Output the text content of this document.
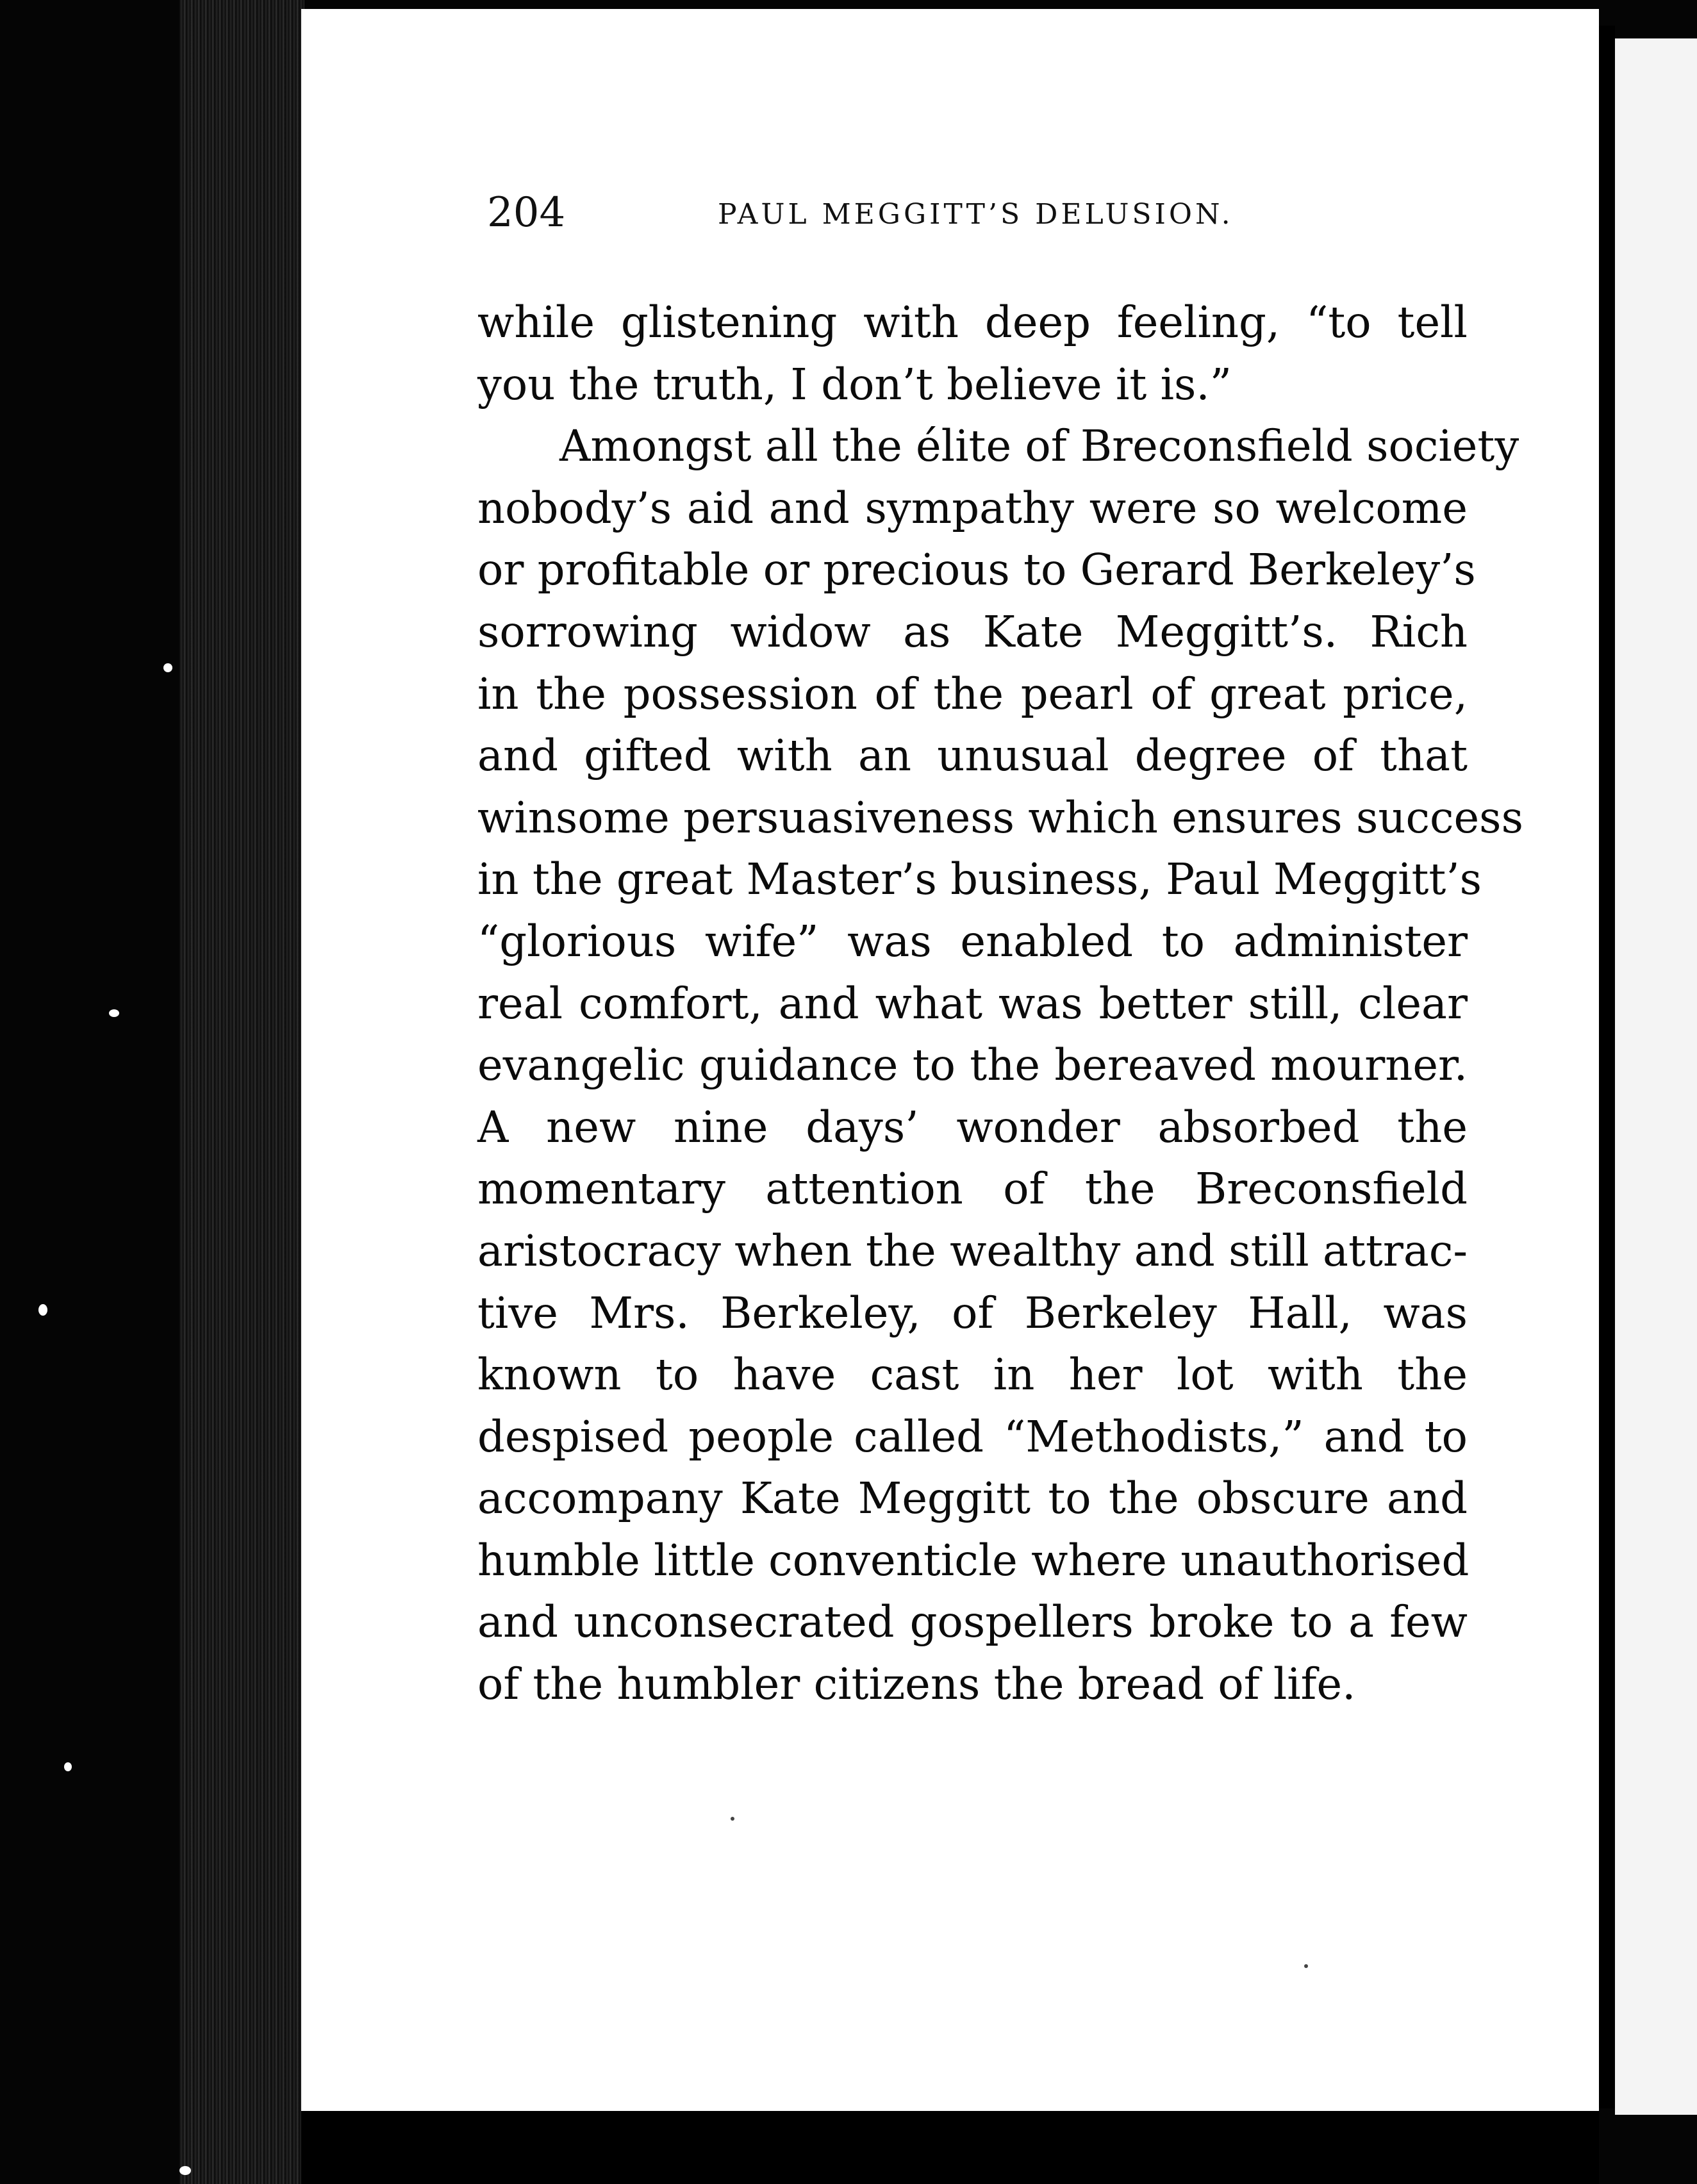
204	PAUL MEGGITT’S DELUSION.
while glistening with deep feeling, “to tell
you the truth, I don’t believe it is.”
Amongst all the élite of Breconsfield society
nobody’s aid and sympathy were so welcome
or profitable or precious to Gerard Berkeley’s
sorrowing widow as Kate Meggitt’s. Rich
in the possession of the pearl of great price,
and gifted with an unusual degree of that
winsome persuasiveness which ensures success
in the great Master’s business, Paul Meggitt’s
“glorious wife” was enabled to administer
real comfort, and what was better still, clear
evangelic guidance to the bereaved mourner.
A new nine days’ wonder absorbed the
momentary attention of the Breconsfield
aristocracy when the wealthy and still attrac-
tive Mrs. Berkeley, of Berkeley Hall, was
known to have cast in her lot with the
despised people called “Methodists,” and to
accompany Kate Meggitt to the obscure and
humble little conventicle where unauthorised
and unconsecrated gospellers broke to a few
of the humbler citizens the bread of life.
